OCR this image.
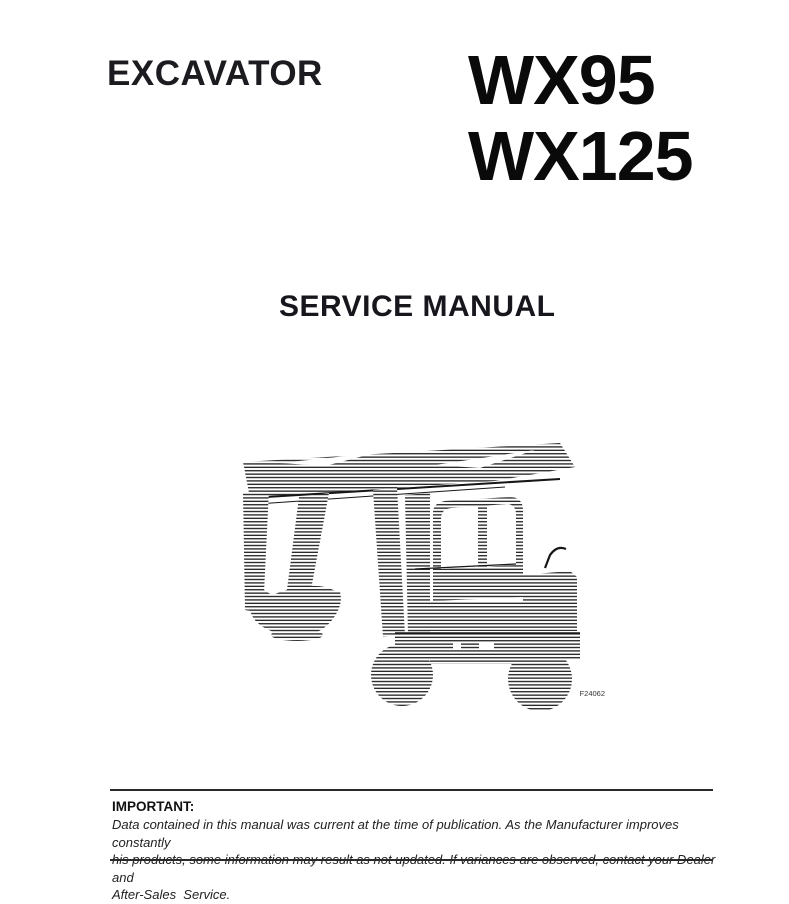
EXCAVATOR WX95
WX125
SERVICE MANUAL
F24062
IMPORTANT:
Data contained in this manual was current at the time of publication. As the Manufacturer improves constantly
his products, some information may result as not updated. If variances are observed, contact your Dealer and
After-Sales  Service.
